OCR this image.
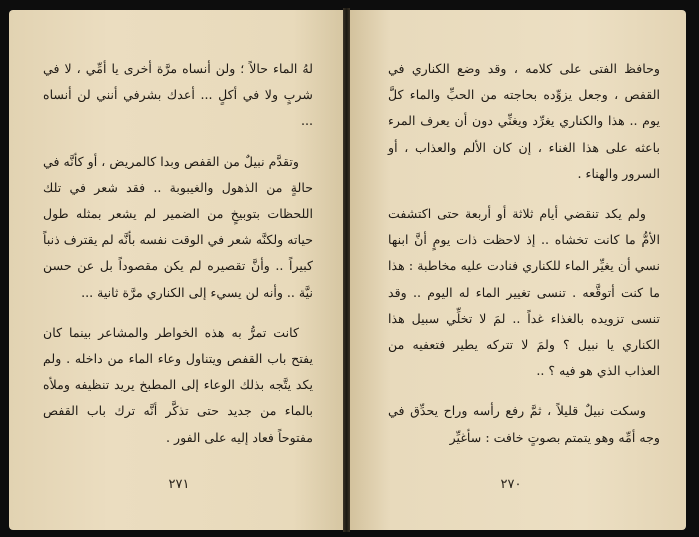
لهُ الماء حالاً ؛ ولن أنساه مرَّة أخرى يا أمِّي ، لا في شربٍ ولا في أكلٍ ... أعدك بشرفي أنني لن أنساه ...

وتقدَّم نبيلٌ من القفص وبدا كالمريض ، أو كأنَّه في حالةٍ من الذهول والغيبوبة .. فقد شعر في تلك اللحظات بتوبيخٍ من الضمير لم يشعر بمثله طول حياته ولكنَّه شعر في الوقت نفسه بأنَّه لم يقترف ذنباً كبيراً .. وأنَّ تقصيره لم يكن مقصوداً بل عن حسن نيَّة .. وأنه لن يسيء إلى الكناري مرَّة ثانية ...

كانت تمرُّ به هذه الخواطر والمشاعر بينما كان يفتح باب القفص ويتناول وعاء الماء من داخله . ولم يكد يتَّجه بذلك الوعاء إلى المطبخ يريد تنظيفه وملأه بالماء من جديد حتى تذكَّر أنَّه ترك باب القفص مفتوحاً فعاد إليه على الفور .

٢٧١

وحافظ الفتى على كلامه ، وقد وضع الكناري في القفص ، وجعل يزوِّده بحاجته من الحبِّ والماء كلَّ يوم .. هذا والكناري يغرِّد ويغنِّي دون أن يعرف المرء باعثه على هذا الغناء ، إن كان الألم والعذاب ، أو السرور والهناء .

ولم يكد تنقضي أيام ثلاثة أو أربعة حتى اكتشفت الأمُّ ما كانت تخشاه .. إذ لاحظت ذات يومٍ أنَّ ابنها نسي أن يغيِّر الماء للكناري فنادت عليه مخاطبة : هذا ما كنت أتوقَّعه . تنسى تغيير الماء له اليوم .. وقد تنسى تزويده بالغذاء غداً .. لمَ لا تخلِّي سبيل هذا الكناري يا نبيل ؟ ولمَ لا تتركه يطير فتعفيه من العذاب الذي هو فيه ؟ ..

وسكت نبيلٌ قليلاً ، ثمَّ رفع رأسه وراح يحدِّق في وجه أمِّه وهو يتمتم بصوتٍ خافت : سأغيِّر

٢٧٠
